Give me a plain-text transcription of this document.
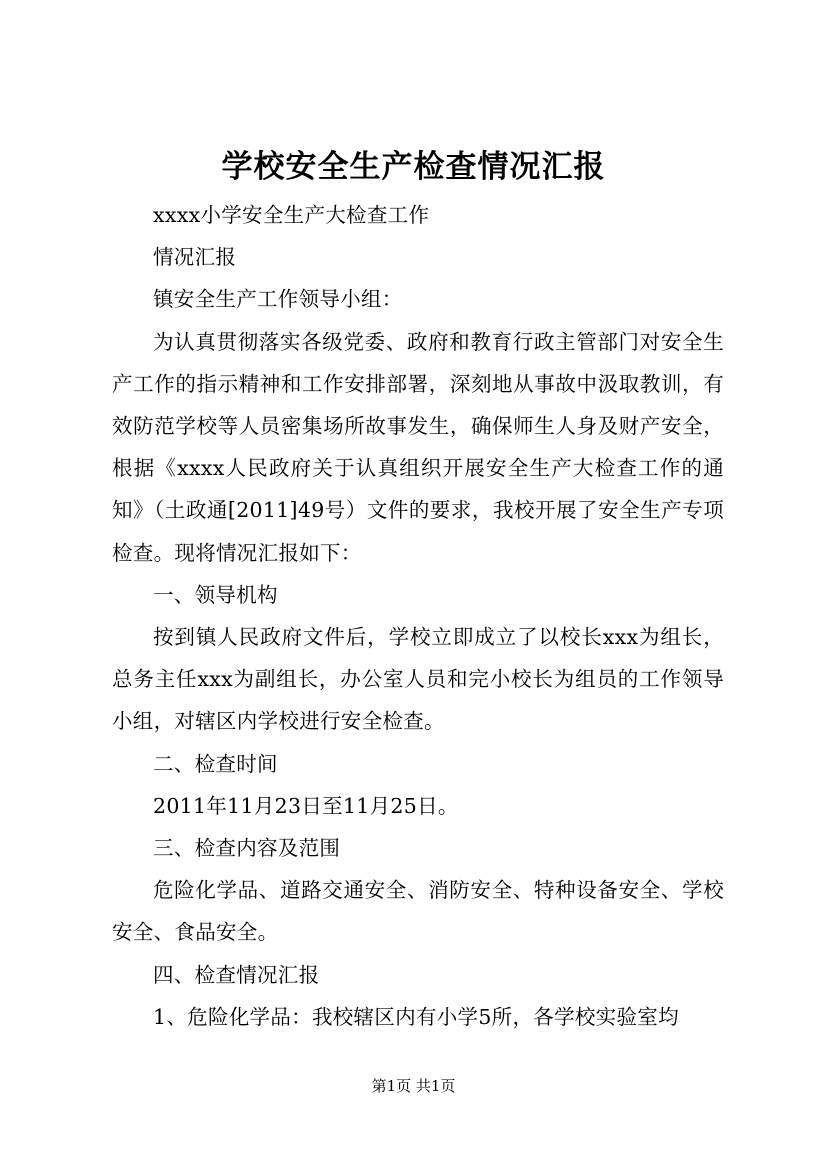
学校安全生产检查情况汇报

xxxx小学安全生产大检查工作

情况汇报

镇安全生产工作领导小组：

为认真贯彻落实各级党委、政府和教育行政主管部门对安全生产工作的指示精神和工作安排部署，深刻地从事故中汲取教训，有效防范学校等人员密集场所故事发生，确保师生人身及财产安全，根据《xxxx人民政府关于认真组织开展安全生产大检查工作的通知》（土政通[2011]49号）文件的要求，我校开展了安全生产专项检查。现将情况汇报如下：

一、领导机构

按到镇人民政府文件后，学校立即成立了以校长xxx为组长，总务主任xxx为副组长，办公室人员和完小校长为组员的工作领导小组，对辖区内学校进行安全检查。

二、检查时间

2011年11月23日至11月25日。

三、检查内容及范围

危险化学品、道路交通安全、消防安全、特种设备安全、学校安全、食品安全。

四、检查情况汇报

1、危险化学品：我校辖区内有小学5所，各学校实验室均

第1页 共1页
